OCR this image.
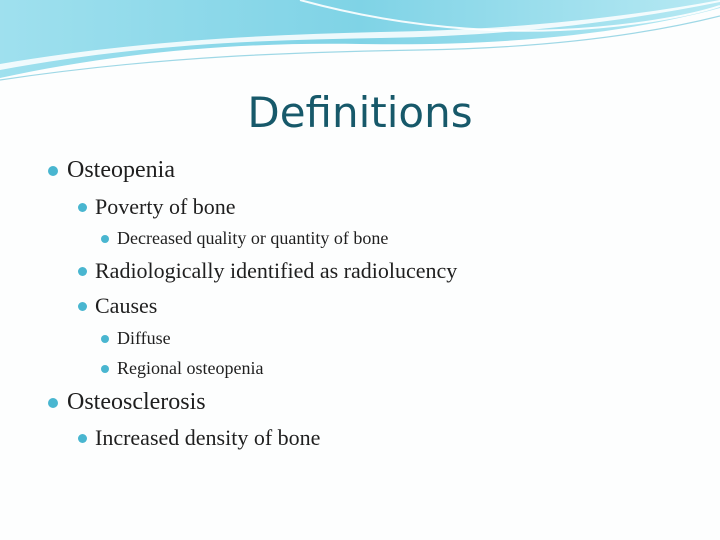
Definitions
Osteopenia
Poverty of bone
Decreased quality or quantity of bone
Radiologically identified as radiolucency
Causes
Diffuse
Regional osteopenia
Osteosclerosis
Increased density of bone
